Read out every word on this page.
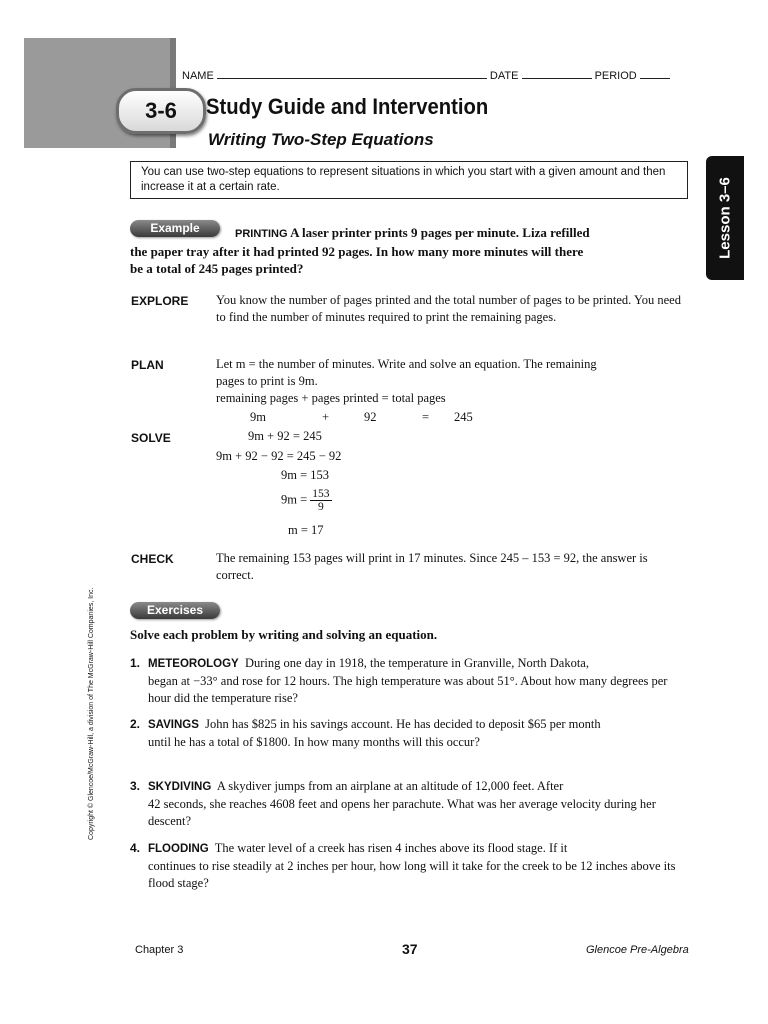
NAME	DATE	PERIOD
3-6	Study Guide and Intervention
Writing Two-Step Equations
Lesson 3–6
You can use two-step equations to represent situations in which you start with a given amount and then increase it at a certain rate.
Example	PRINTING A laser printer prints 9 pages per minute. Liza refilled
the paper tray after it had printed 92 pages. In how many more minutes will there
be a total of 245 pages printed?
EXPLORE You know the number of pages printed and the total number of pages to be printed. You need to find the number of minutes required to print the remaining pages.
PLAN	Let m = the number of minutes. Write and solve an equation. The remaining
pages to print is 9m.
remaining pages + pages printed = total pages
9m	+	92	= 245
SOLVE	9m + 92 = 245
9m + 92 − 92 = 245 − 92
9m = 153
$9m = \frac{153}{9}$
m = 17
CHECK	The remaining 153 pages will print in 17 minutes. Since 245 – 153 = 92, the answer is correct.
Exercises
Solve each problem by writing and solving an equation.
1. METEOROLOGY During one day in 1918, the temperature in Granville, North Dakota,
began at −33° and rose for 12 hours. The high temperature was about 51°. About how many degrees per hour did the temperature rise?
2. SAVINGS John has $825 in his savings account. He has decided to deposit $65 per month
until he has a total of $1800. In how many months will this occur?
3. SKYDIVING A skydiver jumps from an airplane at an altitude of 12,000 feet. After
42 seconds, she reaches 4608 feet and opens her parachute. What was her average velocity during her descent?
4. FLOODING The water level of a creek has risen 4 inches above its flood stage. If it
continues to rise steadily at 2 inches per hour, how long will it take for the creek to be 12 inches above its flood stage?
Copyright © Glencoe/McGraw-Hill, a division of The McGraw-Hill Companies, Inc.
Chapter 3	37	Glencoe Pre-Algebra
